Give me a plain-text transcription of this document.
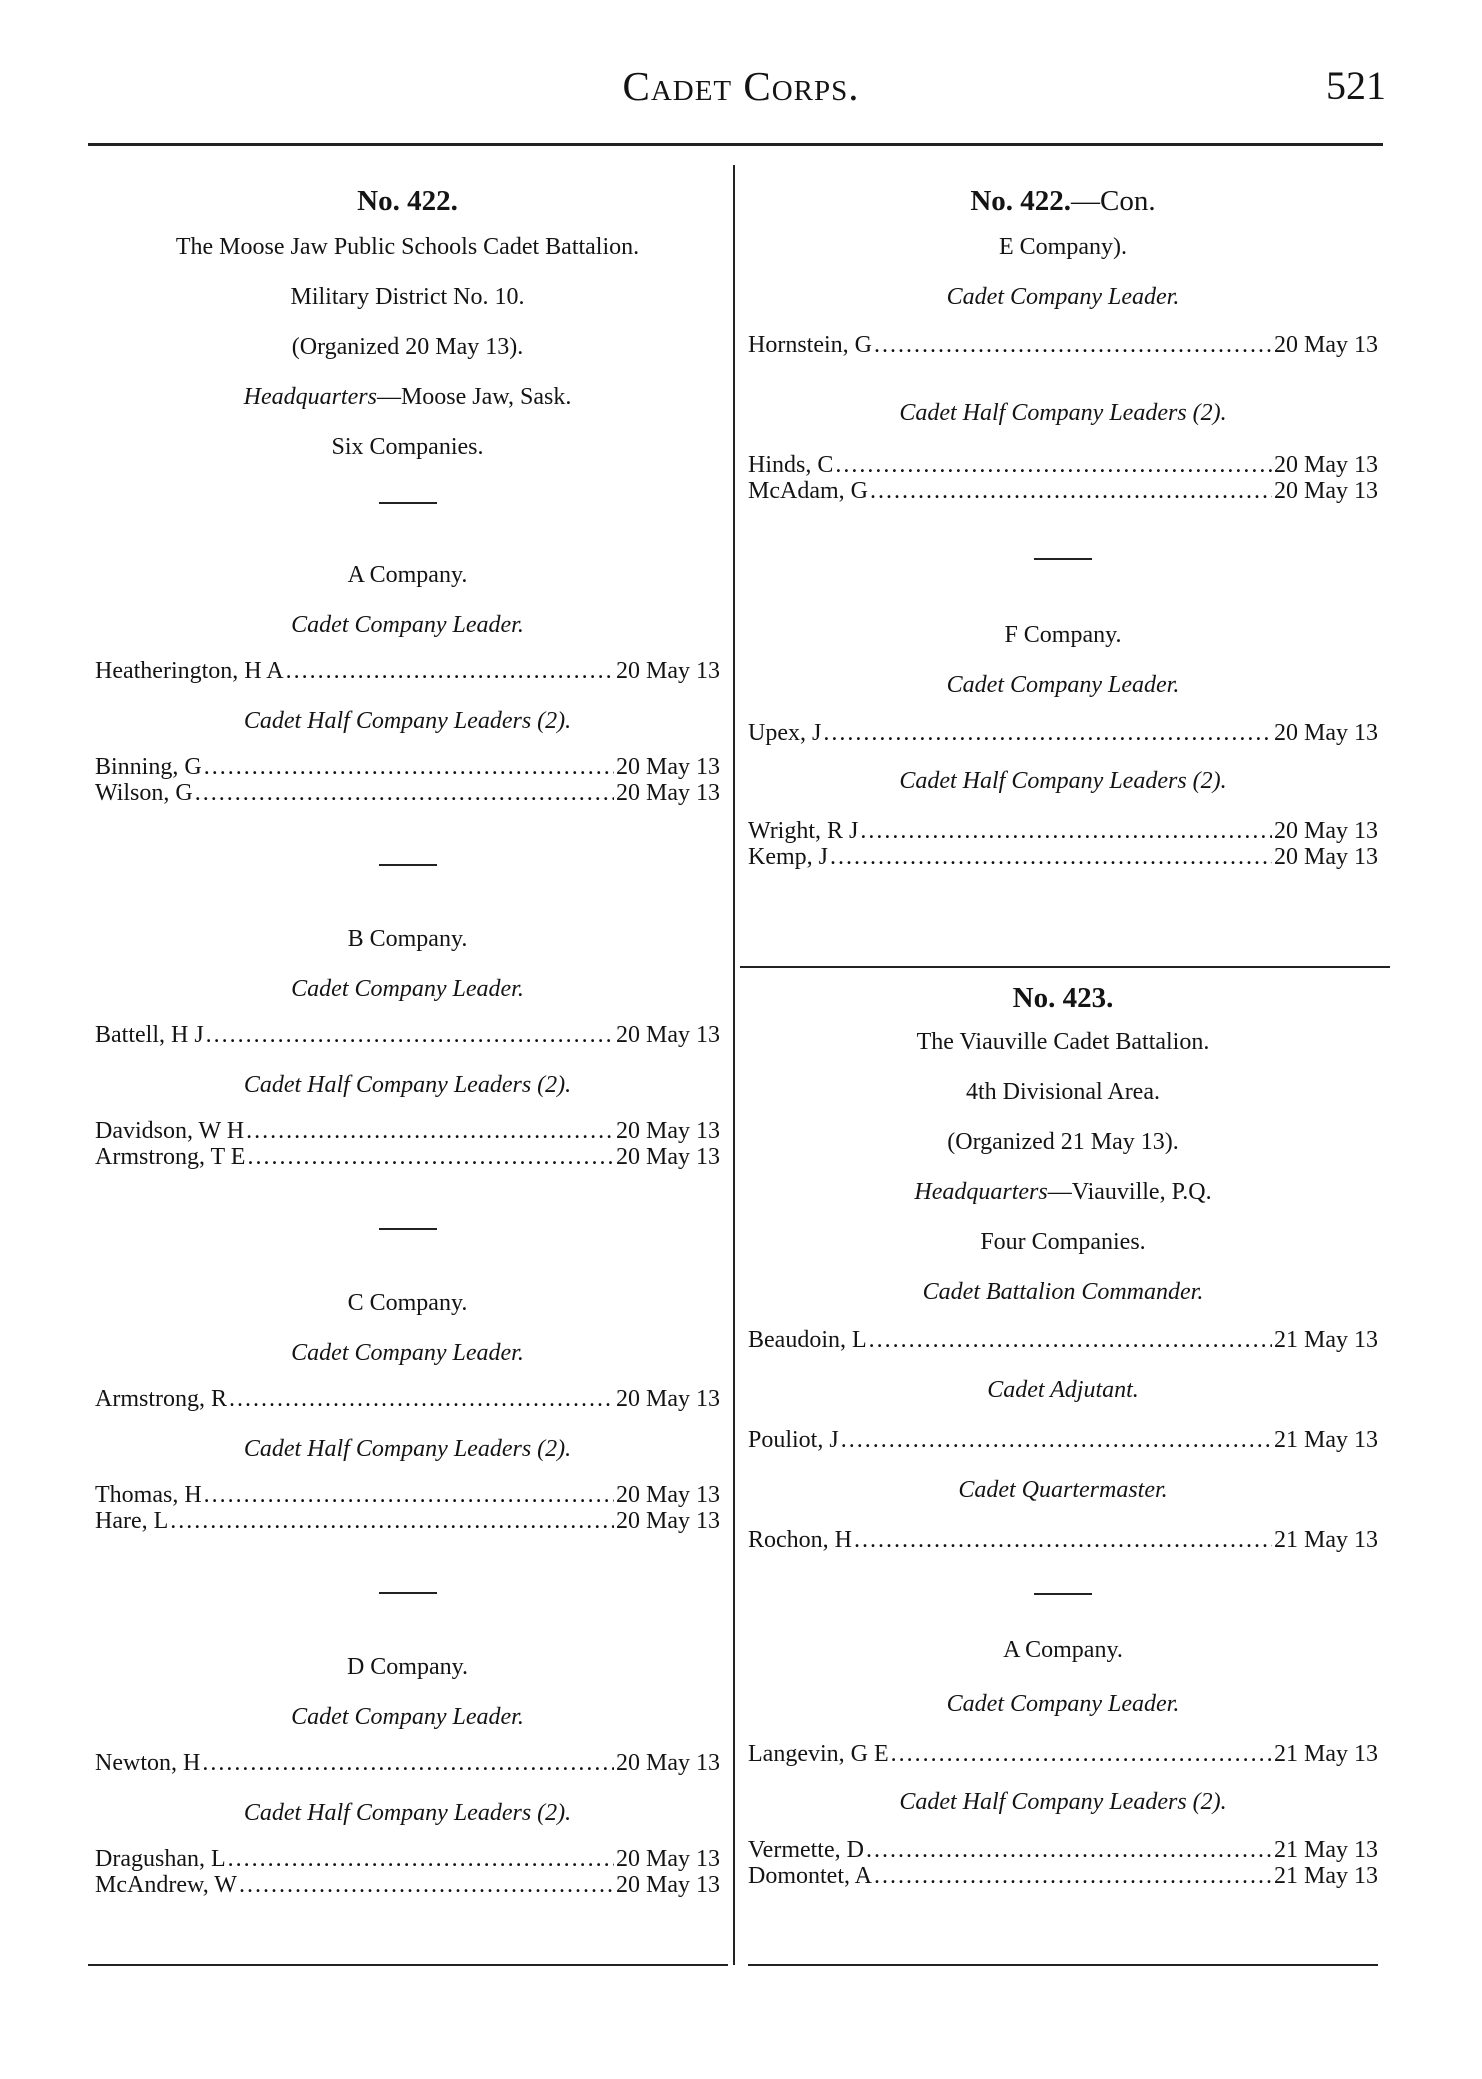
Cadet Corps.	521
No. 422.
The Moose Jaw Public Schools Cadet Battalion.
Military District No. 10.
(Organized 20 May 13).
Headquarters—Moose Jaw, Sask.
Six Companies.
A Company.
Cadet Company Leader.
Heatherington, H A .....	20 May 13
Cadet Half Company Leaders (2).
Binning, G .....	20 May 13
Wilson, G .....	20 May 13
B Company.
Cadet Company Leader.
Battell, H J .....	20 May 13
Cadet Half Company Leaders (2).
Davidson, W H .....	20 May 13
Armstrong, T E .....	20 May 13
C Company.
Cadet Company Leader.
Armstrong, R .....	20 May 13
Cadet Half Company Leaders (2).
Thomas, H .....	20 May 13
Hare, L .....	20 May 13
D Company.
Cadet Company Leader.
Newton, H .....	20 May 13
Cadet Half Company Leaders (2).
Dragushan, L .....	20 May 13
McAndrew, W .....	20 May 13
No. 422.—Con.
E Company).
Cadet Company Leader.
Hornstein, G .....	20 May 13
Cadet Half Company Leaders (2).
Hinds, C .....	20 May 13
McAdam, G .....	20 May 13
F Company.
Cadet Company Leader.
Upex, J .....	20 May 13
Cadet Half Company Leaders (2).
Wright, R J .....	20 May 13
Kemp, J .....	20 May 13
No. 423.
The Viauville Cadet Battalion.
4th Divisional Area.
(Organized 21 May 13).
Headquarters—Viauville, P.Q.
Four Companies.
Cadet Battalion Commander.
Beaudoin, L .....	21 May 13
Cadet Adjutant.
Pouliot, J .....	21 May 13
Cadet Quartermaster.
Rochon, H .....	21 May 13
A Company.
Cadet Company Leader.
Langevin, G E .....	21 May 13
Cadet Half Company Leaders (2).
Vermette, D .....	21 May 13
Domontet, A .....	21 May 13
